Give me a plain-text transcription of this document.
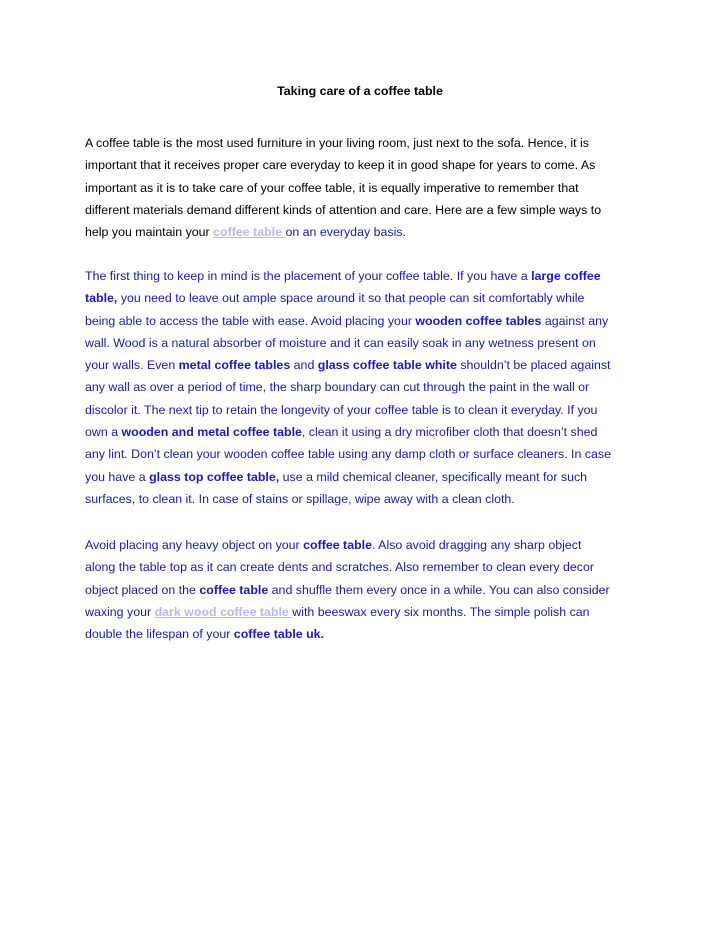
Taking care of a coffee table
A coffee table is the most used furniture in your living room, just next to the sofa. Hence, it is
important that it receives proper care everyday to keep it in good shape for years to come. As
important as it is to take care of your coffee table, it is equally imperative to remember that
different materials demand different kinds of attention and care. Here are a few simple ways to
help you maintain your coffee table on an everyday basis.
The first thing to keep in mind is the placement of your coffee table. If you have a large coffee
table, you need to leave out ample space around it so that people can sit comfortably while
being able to access the table with ease. Avoid placing your wooden coffee tables against any
wall. Wood is a natural absorber of moisture and it can easily soak in any wetness present on
your walls. Even metal coffee tables and glass coffee table white shouldn’t be placed against
any wall as over a period of time, the sharp boundary can cut through the paint in the wall or
discolor it. The next tip to retain the longevity of your coffee table is to clean it everyday. If you
own a wooden and metal coffee table, clean it using a dry microfiber cloth that doesn’t shed
any lint. Don’t clean your wooden coffee table using any damp cloth or surface cleaners. In case
you have a glass top coffee table, use a mild chemical cleaner, specifically meant for such
surfaces, to clean it. In case of stains or spillage, wipe away with a clean cloth.
Avoid placing any heavy object on your coffee table. Also avoid dragging any sharp object
along the table top as it can create dents and scratches. Also remember to clean every decor
object placed on the coffee table and shuffle them every once in a while. You can also consider
waxing your dark wood coffee table with beeswax every six months. The simple polish can
double the lifespan of your coffee table uk.
